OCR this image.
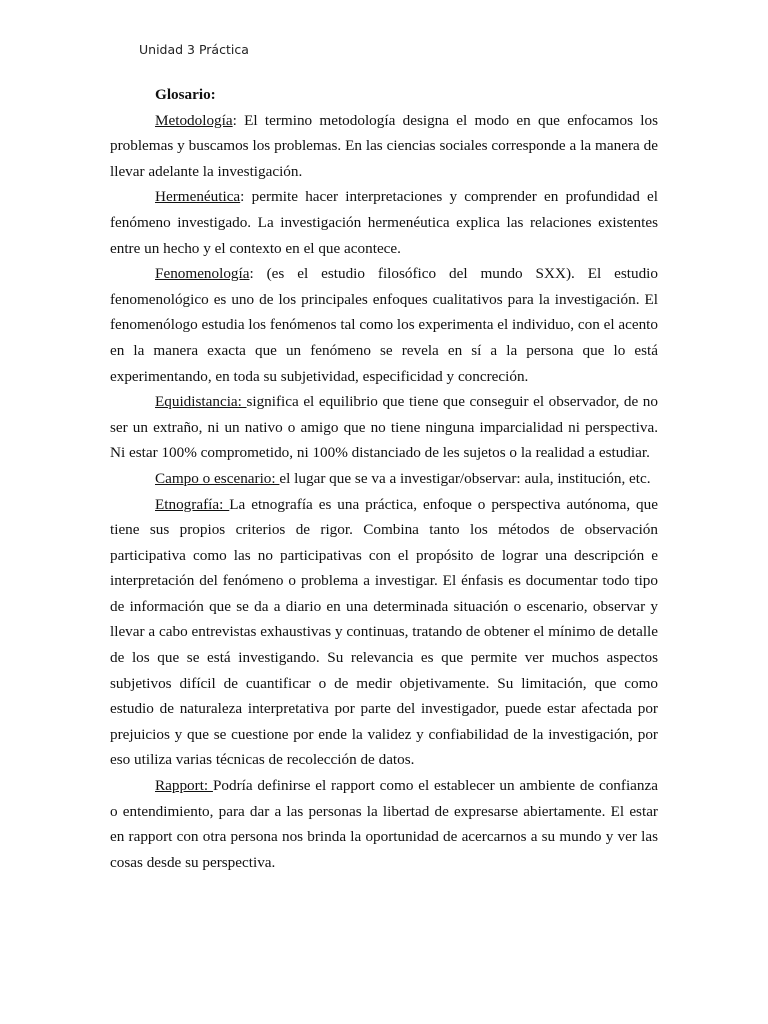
Unidad 3 Práctica

Glosario:

Metodología: El termino metodología designa el modo en que enfocamos los problemas y buscamos los problemas. En las ciencias sociales corresponde a la manera de llevar adelante la investigación.

Hermenéutica: permite hacer interpretaciones y comprender en profundidad el fenómeno investigado. La investigación hermenéutica explica las relaciones existentes entre un hecho y el contexto en el que acontece.

Fenomenología: (es el estudio filosófico del mundo SXX). El estudio fenomenológico es uno de los principales enfoques cualitativos para la investigación. El fenomenólogo estudia los fenómenos tal como los experimenta el individuo, con el acento en la manera exacta que un fenómeno se revela en sí a la persona que lo está experimentando, en toda su subjetividad, especificidad y concreción.

Equidistancia: significa el equilibrio que tiene que conseguir el observador, de no ser un extraño, ni un nativo o amigo que no tiene ninguna imparcialidad ni perspectiva. Ni estar 100% comprometido, ni 100% distanciado de les sujetos o la realidad a estudiar.

Campo o escenario: el lugar que se va a investigar/observar: aula, institución, etc.

Etnografía: La etnografía es una práctica, enfoque o perspectiva autónoma, que tiene sus propios criterios de rigor. Combina tanto los métodos de observación participativa como las no participativas con el propósito de lograr una descripción e interpretación del fenómeno o problema a investigar. El énfasis es documentar todo tipo de información que se da a diario en una determinada situación o escenario, observar y llevar a cabo entrevistas exhaustivas y continuas, tratando de obtener el mínimo de detalle de los que se está investigando. Su relevancia es que permite ver muchos aspectos subjetivos difícil de cuantificar o de medir objetivamente. Su limitación, que como estudio de naturaleza interpretativa por parte del investigador, puede estar afectada por prejuicios y que se cuestione por ende la validez y confiabilidad de la investigación, por eso utiliza varias técnicas de recolección de datos.

Rapport: Podría definirse el rapport como el establecer un ambiente de confianza o entendimiento, para dar a las personas la libertad de expresarse abiertamente. El estar en rapport con otra persona nos brinda la oportunidad de acercarnos a su mundo y ver las cosas desde su perspectiva.
